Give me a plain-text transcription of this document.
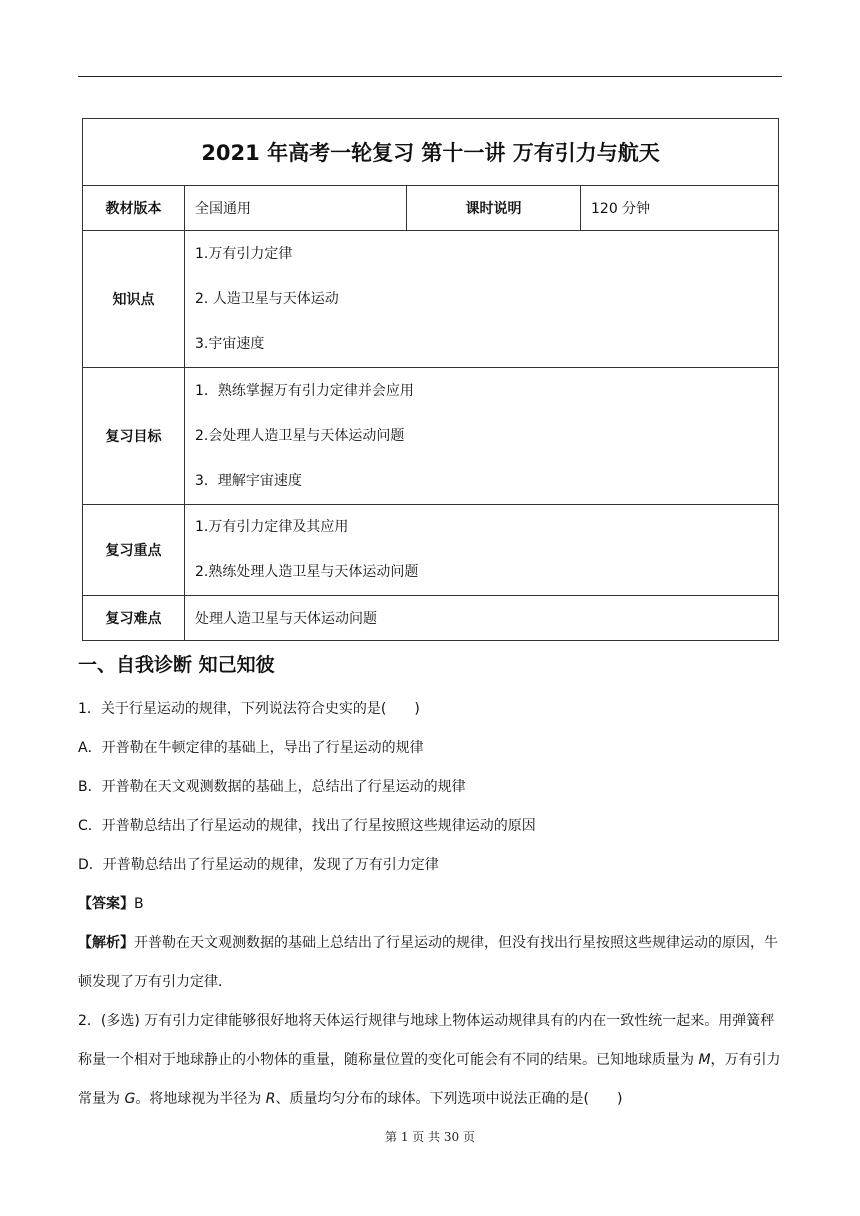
2021 年高考一轮复习 第十一讲 万有引力与航天			
教材版本	全国通用	课时说明	120 分钟
知识点	1.万有引力定律

2. 人造卫星与天体运动

3.宇宙速度		

复习目标	1．熟练掌握万有引力定律并会应用

2.会处理人造卫星与天体运动问题

3．理解宇宙速度		

复习重点	1.万有引力定律及其应用

2.熟练处理人造卫星与天体运动问题		

复习难点	处理人造卫星与天体运动问题		
一、自我诊断 知己知彼

1．关于行星运动的规律，下列说法符合史实的是(　　)

A．开普勒在牛顿定律的基础上，导出了行星运动的规律

B．开普勒在天文观测数据的基础上，总结出了行星运动的规律

C．开普勒总结出了行星运动的规律，找出了行星按照这些规律运动的原因

D．开普勒总结出了行星运动的规律，发现了万有引力定律

【答案】B

【解析】开普勒在天文观测数据的基础上总结出了行星运动的规律，但没有找出行星按照这些规律运动的原因，牛顿发现了万有引力定律．

2．(多选) 万有引力定律能够很好地将天体运行规律与地球上物体运动规律具有的内在一致性统一起来。用弹簧秤称量一个相对于地球静止的小物体的重量，随称量位置的变化可能会有不同的结果。已知地球质量为 M，万有引力常量为 G。将地球视为半径为 R、质量均匀分布的球体。下列选项中说法正确的是(　　)

第 1 页 共 30 页
